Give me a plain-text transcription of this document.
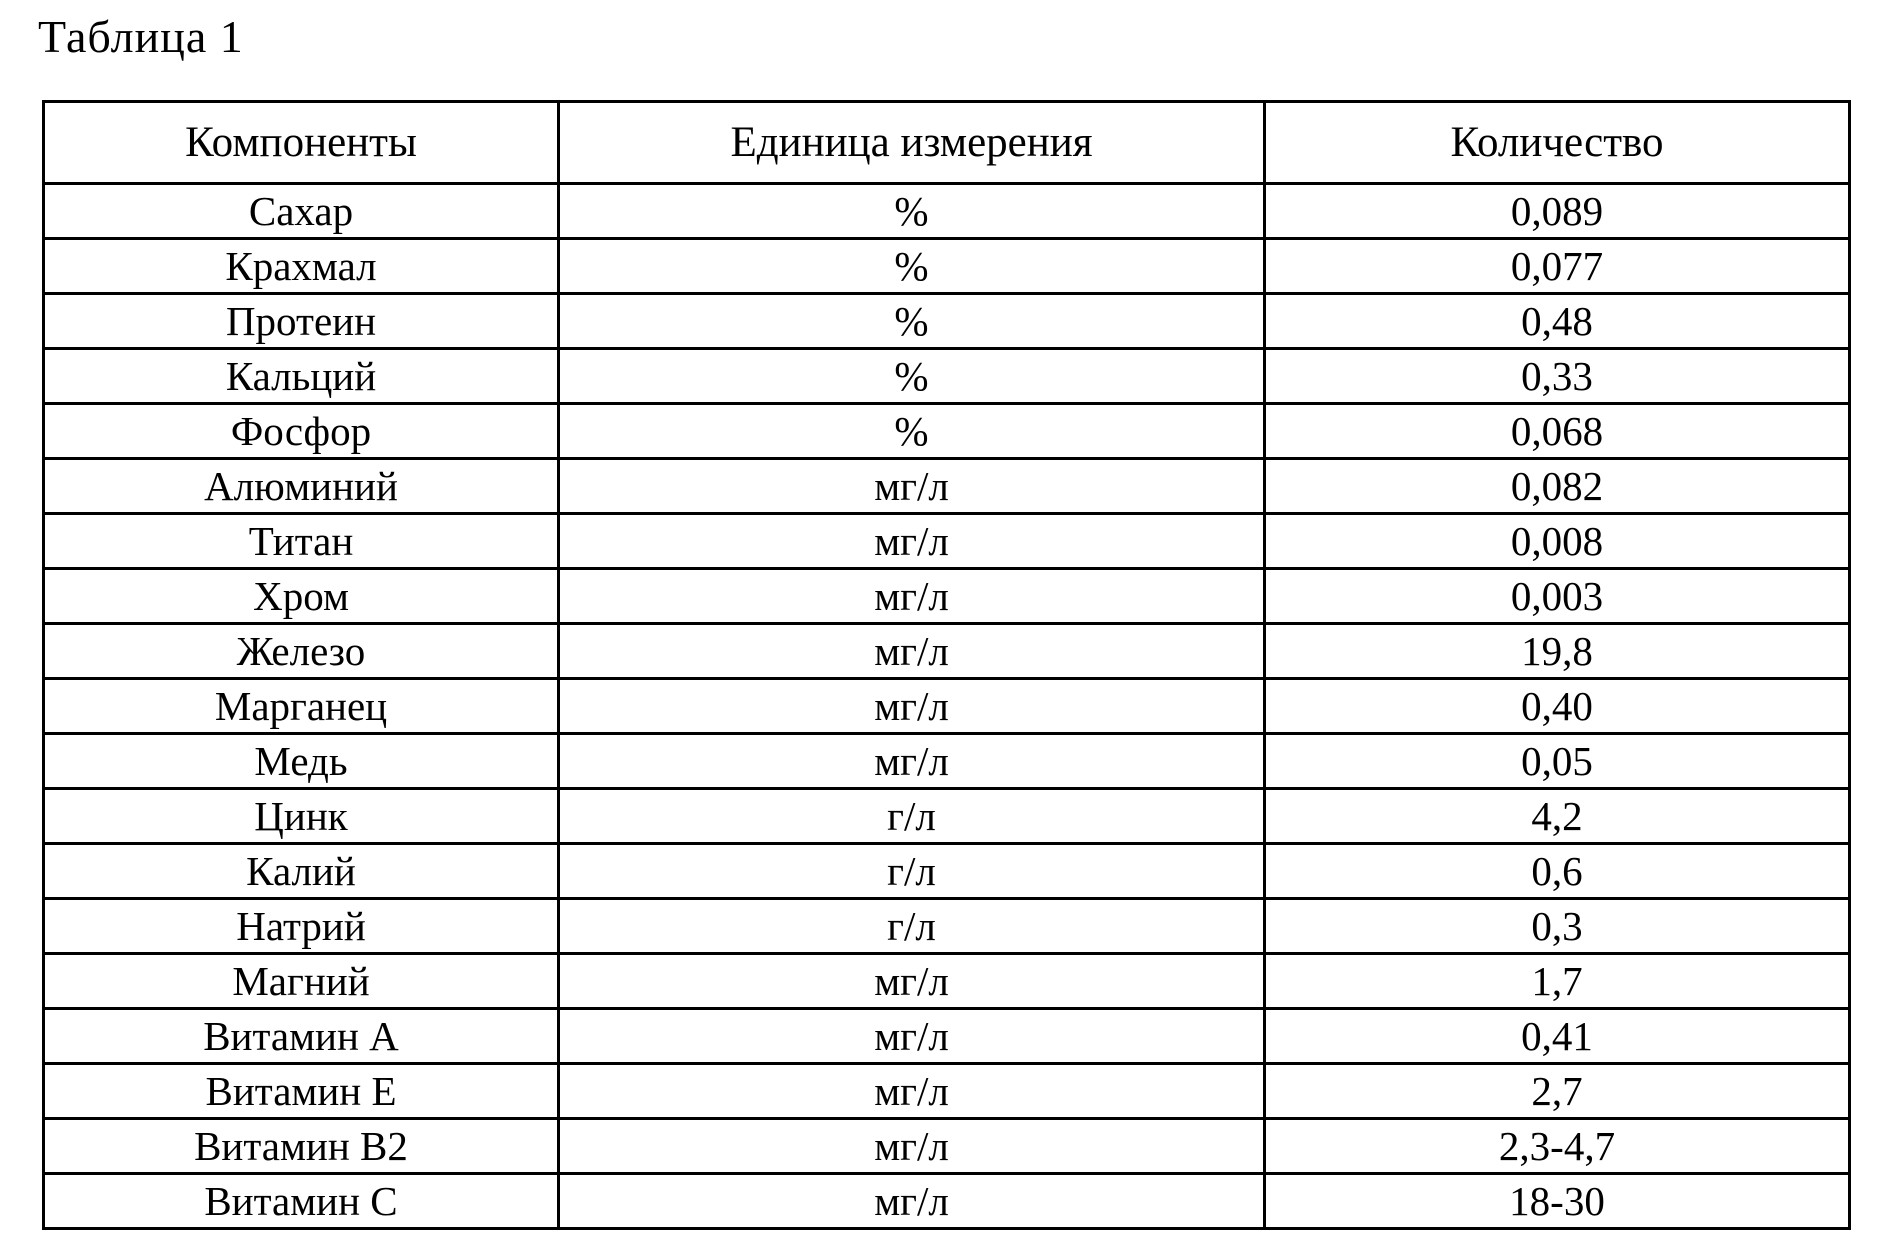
Таблица 1
Компоненты	Единица измерения	Количество
Сахар	%	0,089
Крахмал	%	0,077
Протеин	%	0,48
Кальций	%	0,33
Фосфор	%	0,068
Алюминий	мг/л	0,082
Титан	мг/л	0,008
Хром	мг/л	0,003
Железо	мг/л	19,8
Марганец	мг/л	0,40
Медь	мг/л	0,05
Цинк	г/л	4,2
Калий	г/л	0,6
Натрий	г/л	0,3
Магний	мг/л	1,7
Витамин А	мг/л	0,41
Витамин Е	мг/л	2,7
Витамин В2	мг/л	2,3-4,7
Витамин С	мг/л	18-30
